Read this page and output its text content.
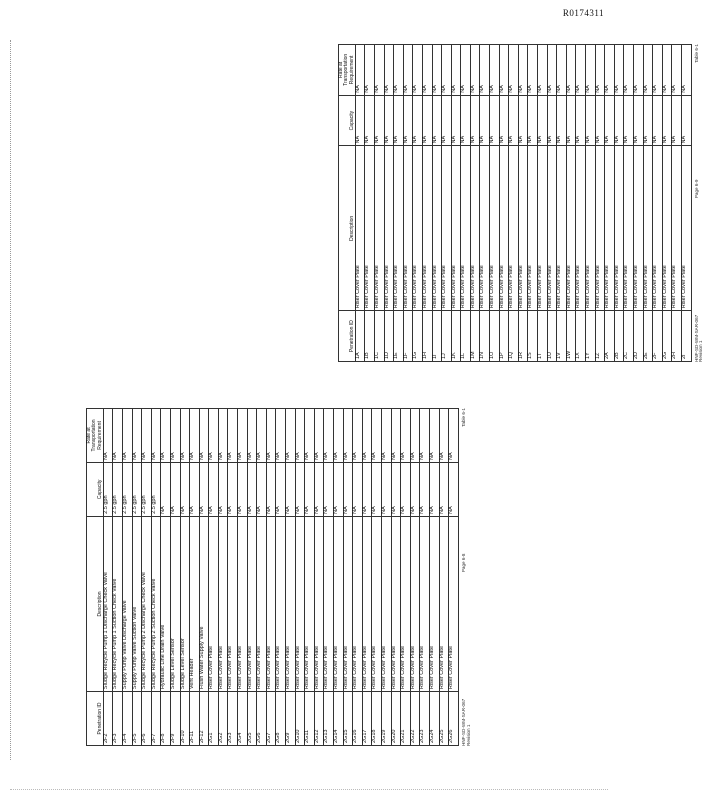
R0174311
Penetration ID	Description	Capacity	Rate at Transportation Requirement
2F2	Sludge Recycle Pump 1 Discharge Check Valve	2.5 gph	NA
2F3	Sludge Recycle Pump 1 Suction Check Valve	2.5 gph	NA
2F4	Supply Pump Valve Discharge Valve	2.5 gph	NA
2F5	Supply Pump Valve Suction Valve	2.5 gph	NA
2F6	Sludge Recycle Pump 2 Discharge Check Valve	2.5 gph	NA
2F7	Sludge Recycle Pump 2 Suction Check Valve	2.5 gph	NA
2F8	Hydraulic Line Drain Valve	NA	NA
2F9	Sludge Level Sensor	NA	NA
2F10	Sludge Level Sensor	NA	NA
2F11	Vent Header	NA	NA
2F12	Flush Water Supply Valve	NA	NA
2G1	Riser Cover Plate	NA	NA
2G2	Riser Cover Plate	NA	NA
2G3	Riser Cover Plate	NA	NA
2G4	Riser Cover Plate	NA	NA
2G5	Riser Cover Plate	NA	NA
2G6	Riser Cover Plate	NA	NA
2G7	Riser Cover Plate	NA	NA
2G8	Riser Cover Plate	NA	NA
2G9	Riser Cover Plate	NA	NA
2G10	Riser Cover Plate	NA	NA
2G11	Riser Cover Plate	NA	NA
2G12	Riser Cover Plate	NA	NA
2G13	Riser Cover Plate	NA	NA
2G14	Riser Cover Plate	NA	NA
2G15	Riser Cover Plate	NA	NA
2G16	Riser Cover Plate	NA	NA
2G17	Riser Cover Plate	NA	NA
2G18	Riser Cover Plate	NA	NA
2G19	Riser Cover Plate	NA	NA
2G20	Riser Cover Plate	NA	NA
2G21	Riser Cover Plate	NA	NA
2G22	Riser Cover Plate	NA	NA
2G23	Riser Cover Plate	NA	NA
2G24	Riser Cover Plate	NA	NA
2G25	Riser Cover Plate	NA	NA
2G26	Riser Cover Plate	NA	NA
HNF-SD-WM-SAR-067
Revision 1
Page 6-8
Table 6-1
Penetration ID	Description	Capacity	Rate at Transportation Requirement
1A	Riser Cover Plate	NA	NA
1B	Riser Cover Plate	NA	NA
1C	Riser Cover Plate	NA	NA
1D	Riser Cover Plate	NA	NA
1E	Riser Cover Plate	NA	NA
1F	Riser Cover Plate	NA	NA
1G	Riser Cover Plate	NA	NA
1H	Riser Cover Plate	NA	NA
1I	Riser Cover Plate	NA	NA
1J	Riser Cover Plate	NA	NA
1K	Riser Cover Plate	NA	NA
1L	Riser Cover Plate	NA	NA
1M	Riser Cover Plate	NA	NA
1N	Riser Cover Plate	NA	NA
1O	Riser Cover Plate	NA	NA
1P	Riser Cover Plate	NA	NA
1Q	Riser Cover Plate	NA	NA
1R	Riser Cover Plate	NA	NA
1S	Riser Cover Plate	NA	NA
1T	Riser Cover Plate	NA	NA
1U	Riser Cover Plate	NA	NA
1V	Riser Cover Plate	NA	NA
1W	Riser Cover Plate	NA	NA
1X	Riser Cover Plate	NA	NA
1Y	Riser Cover Plate	NA	NA
1Z	Riser Cover Plate	NA	NA
2A	Riser Cover Plate	NA	NA
2B	Riser Cover Plate	NA	NA
2C	Riser Cover Plate	NA	NA
2D	Riser Cover Plate	NA	NA
2E	Riser Cover Plate	NA	NA
2F	Riser Cover Plate	NA	NA
2G	Riser Cover Plate	NA	NA
2H	Riser Cover Plate	NA	NA
2I	Riser Cover Plate	NA	NA
HNF-SD-WM-SAR-067
Revision 1
Page 6-9
Table 6-1
